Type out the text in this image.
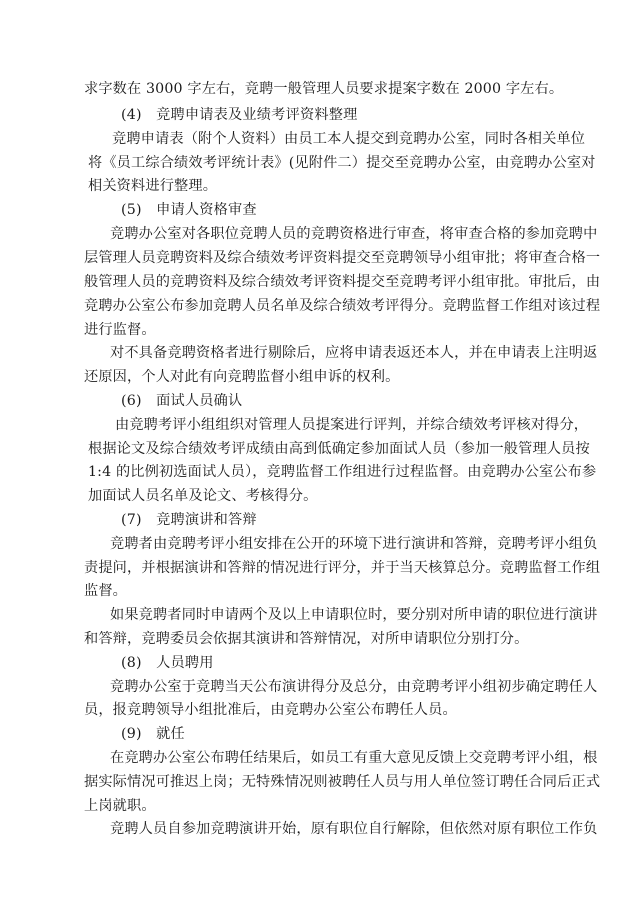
求字数在 3000 字左右，竞聘一般管理人员要求提案字数在 2000 字左右。
(4)　竞聘申请表及业绩考评资料整理
竞聘申请表（附个人资料）由员工本人提交到竞聘办公室，同时各相关单位
将《员工综合绩效考评统计表》(见附件二）提交至竞聘办公室，由竞聘办公室对
相关资料进行整理。
(5)　申请人资格审查
竞聘办公室对各职位竞聘人员的竞聘资格进行审查，将审查合格的参加竞聘中
层管理人员竞聘资料及综合绩效考评资料提交至竞聘领导小组审批；将审查合格一
般管理人员的竞聘资料及综合绩效考评资料提交至竞聘考评小组审批。审批后，由
竞聘办公室公布参加竞聘人员名单及综合绩效考评得分。竞聘监督工作组对该过程
进行监督。
对不具备竞聘资格者进行剔除后，应将申请表返还本人，并在申请表上注明返
还原因，个人对此有向竞聘监督小组申诉的权利。
(6)　面试人员确认
由竞聘考评小组组织对管理人员提案进行评判，并综合绩效考评核对得分，
根据论文及综合绩效考评成绩由高到低确定参加面试人员（参加一般管理人员按
1:4 的比例初选面试人员），竞聘监督工作组进行过程监督。由竞聘办公室公布参
加面试人员名单及论文、考核得分。
(7)　竞聘演讲和答辩
竞聘者由竞聘考评小组安排在公开的环境下进行演讲和答辩，竞聘考评小组负
责提问，并根据演讲和答辩的情况进行评分，并于当天核算总分。竞聘监督工作组
监督。
如果竞聘者同时申请两个及以上申请职位时，要分别对所申请的职位进行演讲
和答辩，竞聘委员会依据其演讲和答辩情况，对所申请职位分别打分。
(8)　人员聘用
竞聘办公室于竞聘当天公布演讲得分及总分，由竞聘考评小组初步确定聘任人
员，报竞聘领导小组批准后，由竞聘办公室公布聘任人员。
(9)　就任
在竞聘办公室公布聘任结果后，如员工有重大意见反馈上交竞聘考评小组，根
据实际情况可推迟上岗；无特殊情况则被聘任人员与用人单位签订聘任合同后正式
上岗就职。
竞聘人员自参加竞聘演讲开始，原有职位自行解除，但依然对原有职位工作负
